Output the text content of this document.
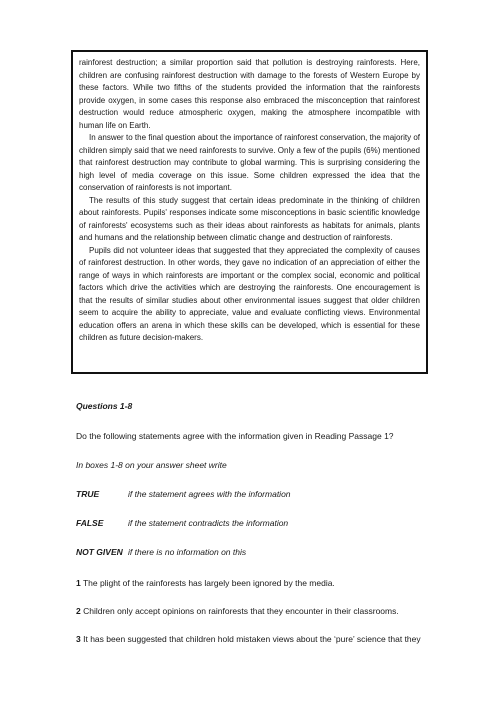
rainforest destruction; a similar proportion said that pollution is destroying rainforests. Here, children are confusing rainforest destruction with damage to the forests of Western Europe by these factors. While two fifths of the students provided the information that the rainforests provide oxygen, in some cases this response also embraced the misconception that rainforest destruction would reduce atmospheric oxygen, making the atmosphere incompatible with human life on Earth.

In answer to the final question about the importance of rainforest conservation, the majority of children simply said that we need rainforests to survive. Only a few of the pupils (6%) mentioned that rainforest destruction may contribute to global warming. This is surprising considering the high level of media coverage on this issue. Some children expressed the idea that the conservation of rainforests is not important.

The results of this study suggest that certain ideas predominate in the thinking of children about rainforests. Pupils' responses indicate some misconceptions in basic scientific knowledge of rainforests' ecosystems such as their ideas about rainforests as habitats for animals, plants and humans and the relationship between climatic change and destruction of rainforests.

Pupils did not volunteer ideas that suggested that they appreciated the complexity of causes of rainforest destruction. In other words, they gave no indication of an appreciation of either the range of ways in which rainforests are important or the complex social, economic and political factors which drive the activities which are destroying the rainforests. One encouragement is that the results of similar studies about other environmental issues suggest that older children seem to acquire the ability to appreciate, value and evaluate conflicting views. Environmental education offers an arena in which these skills can be developed, which is essential for these children as future decision-makers.

Questions 1-8

Do the following statements agree with the information given in Reading Passage 1?

In boxes 1-8 on your answer sheet write

TRUE	if the statement agrees with the information

FALSE	if the statement contradicts the information

NOT GIVEN if there is no information on this

1 The plight of the rainforests has largely been ignored by the media.

2 Children only accept opinions on rainforests that they encounter in their classrooms.

3 It has been suggested that children hold mistaken views about the ‘pure’ science that they
